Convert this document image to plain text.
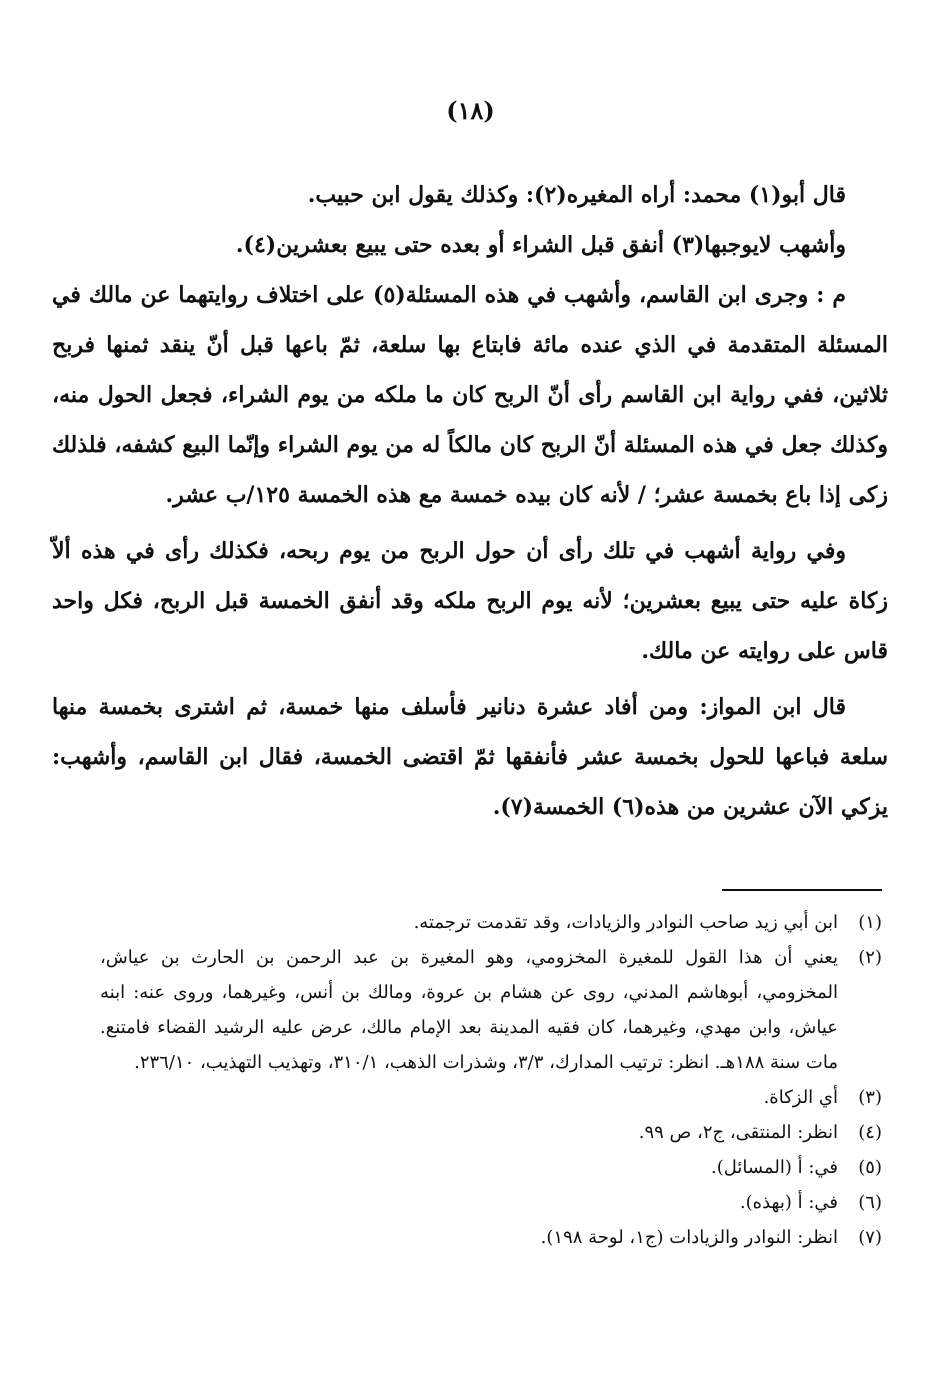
(١٨)

قال أبو(١) محمد: أراه المغيره(٢): وكذلك يقول ابن حبيب.

وأشهب لايوجبها(٣) أنفق قبل الشراء أو بعده حتى يبيع بعشرين(٤).

م : وجرى ابن القاسم، وأشهب في هذه المسئلة(٥) على اختلاف روايتهما عن مالك في المسئلة المتقدمة في الذي عنده مائة فابتاع بها سلعة، ثمّ باعها قبل أنّ ينقد ثمنها فربح ثلاثين، ففي رواية ابن القاسم رأى أنّ الربح كان ما ملكه من يوم الشراء، فجعل الحول منه، وكذلك جعل في هذه المسئلة أنّ الربح كان مالكاً له من يوم الشراء وإنّما البيع كشفه، فلذلك زكى إذا باع بخمسة عشر؛ / لأنه كان بيده خمسة مع هذه الخمسة ١٢٥/ب عشر.

وفي رواية أشهب في تلك رأى أن حول الربح من يوم ربحه، فكذلك رأى في هذه ألاّ زكاة عليه حتى يبيع بعشرين؛ لأنه يوم الربح ملكه وقد أنفق الخمسة قبل الربح، فكل واحد قاس على روايته عن مالك.

قال ابن المواز: ومن أفاد عشرة دنانير فأسلف منها خمسة، ثم اشترى بخمسة منها سلعة فباعها للحول بخمسة عشر فأنفقها ثمّ اقتضى الخمسة، فقال ابن القاسم، وأشهب: يزكي الآن عشرين من هذه(٦) الخمسة(٧).

(١)
ابن أبي زيد صاحب النوادر والزيادات، وقد تقدمت ترجمته.
(٢)
يعني أن هذا القول للمغيرة المخزومي، وهو المغيرة بن عبد الرحمن بن الحارث بن عياش، المخزومي، أبوهاشم المدني، روى عن هشام بن عروة، ومالك بن أنس، وغيرهما، وروى عنه: ابنه عياش، وابن مهدي، وغيرهما، كان فقيه المدينة بعد الإمام مالك، عرض عليه الرشيد القضاء فامتنع. مات سنة ١٨٨هـ. انظر: ترتيب المدارك، ٣/٣، وشذرات الذهب، ٣١٠/١، وتهذيب التهذيب، ٢٣٦/١٠.
(٣)
أي الزكاة.
(٤)
انظر: المنتقى، ج٢، ص ٩٩.
(٥)
في: أ (المسائل).
(٦)
في: أ (بهذه).
(٧)
انظر: النوادر والزيادات (ج١، لوحة ١٩٨).
